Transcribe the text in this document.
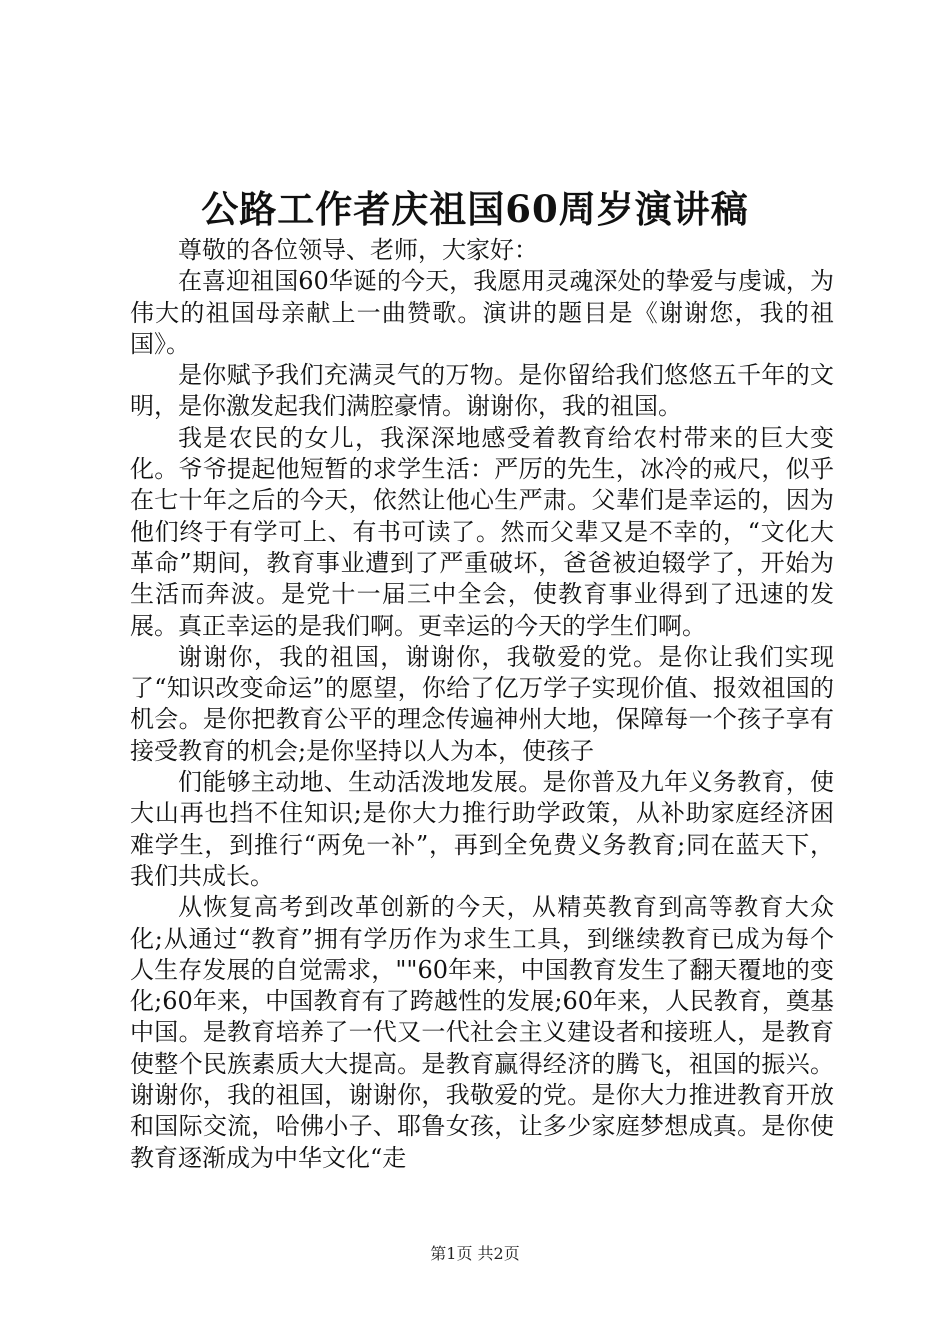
公路工作者庆祖国60周岁演讲稿

尊敬的各位领导、老师，大家好：

在喜迎祖国60华诞的今天，我愿用灵魂深处的挚爱与虔诚，为伟大的祖国母亲献上一曲赞歌。演讲的题目是《谢谢您，我的祖国》。

是你赋予我们充满灵气的万物。是你留给我们悠悠五千年的文明，是你激发起我们满腔豪情。谢谢你，我的祖国。

我是农民的女儿，我深深地感受着教育给农村带来的巨大变化。爷爷提起他短暂的求学生活：严厉的先生，冰冷的戒尺，似乎在七十年之后的今天，依然让他心生严肃。父辈们是幸运的，因为他们终于有学可上、有书可读了。然而父辈又是不幸的，“文化大革命”期间，教育事业遭到了严重破坏，爸爸被迫辍学了，开始为生活而奔波。是党十一届三中全会，使教育事业得到了迅速的发展。真正幸运的是我们啊。更幸运的今天的学生们啊。

谢谢你，我的祖国，谢谢你，我敬爱的党。是你让我们实现了“知识改变命运”的愿望，你给了亿万学子实现价值、报效祖国的机会。是你把教育公平的理念传遍神州大地，保障每一个孩子享有接受教育的机会;是你坚持以人为本，使孩子

们能够主动地、生动活泼地发展。是你普及九年义务教育，使大山再也挡不住知识;是你大力推行助学政策，从补助家庭经济困难学生，到推行“两免一补”，再到全免费义务教育;同在蓝天下，我们共成长。

从恢复高考到改革创新的今天，从精英教育到高等教育大众化;从通过“教育”拥有学历作为求生工具，到继续教育已成为每个人生存发展的自觉需求，""60年来，中国教育发生了翻天覆地的变化;60年来，中国教育有了跨越性的发展;60年来，人民教育，奠基中国。是教育培养了一代又一代社会主义建设者和接班人，是教育使整个民族素质大大提高。是教育赢得经济的腾飞，祖国的振兴。谢谢你，我的祖国，谢谢你，我敬爱的党。是你大力推进教育开放和国际交流，哈佛小子、耶鲁女孩，让多少家庭梦想成真。是你使教育逐渐成为中华文化“走

第1页 共2页
